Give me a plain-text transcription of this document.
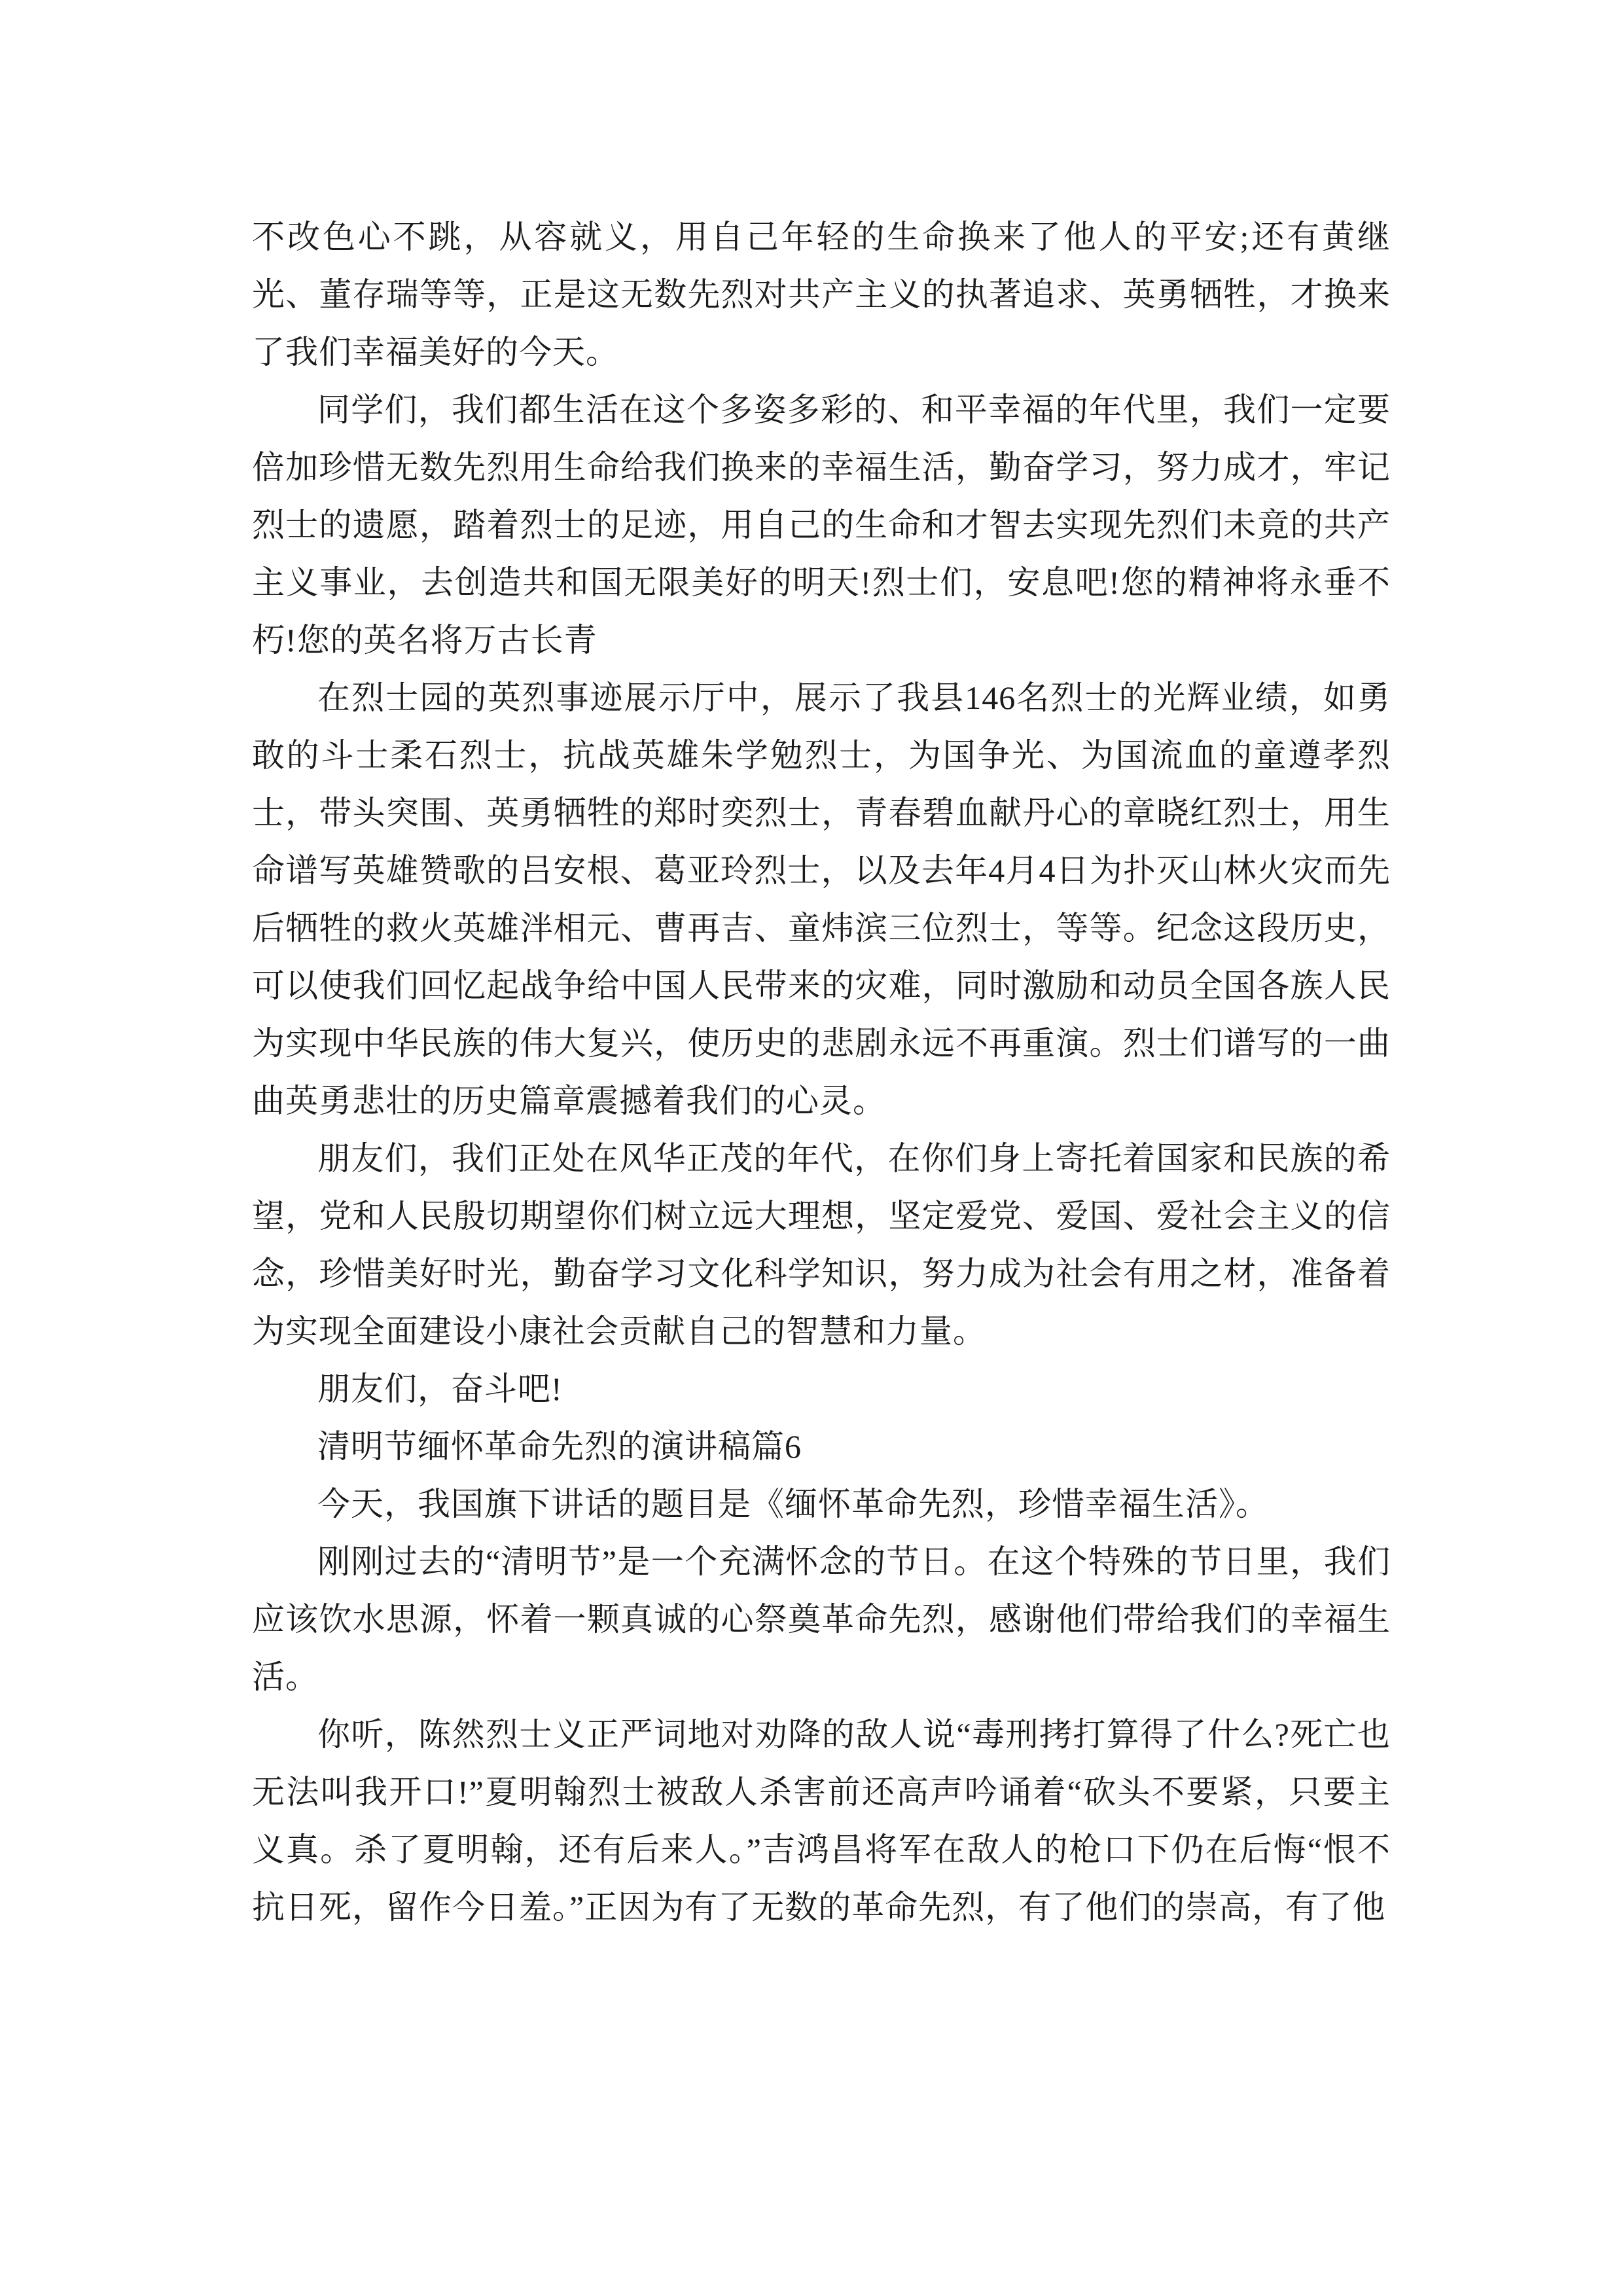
不改色心不跳，从容就义，用自己年轻的生命换来了他人的平安;还有黄继光、董存瑞等等，正是这无数先烈对共产主义的执著追求、英勇牺牲，才换来了我们幸福美好的今天。

同学们，我们都生活在这个多姿多彩的、和平幸福的年代里，我们一定要倍加珍惜无数先烈用生命给我们换来的幸福生活，勤奋学习，努力成才，牢记烈士的遗愿，踏着烈士的足迹，用自己的生命和才智去实现先烈们未竟的共产主义事业，去创造共和国无限美好的明天!烈士们，安息吧!您的精神将永垂不朽!您的英名将万古长青

在烈士园的英烈事迹展示厅中，展示了我县146名烈士的光辉业绩，如勇敢的斗士柔石烈士，抗战英雄朱学勉烈士，为国争光、为国流血的童遵孝烈士，带头突围、英勇牺牲的郑时奕烈士，青春碧血献丹心的章晓红烈士，用生命谱写英雄赞歌的吕安根、葛亚玲烈士，以及去年4月4日为扑灭山林火灾而先后牺牲的救火英雄泮相元、曹再吉、童炜滨三位烈士，等等。纪念这段历史，可以使我们回忆起战争给中国人民带来的灾难，同时激励和动员全国各族人民为实现中华民族的伟大复兴，使历史的悲剧永远不再重演。烈士们谱写的一曲曲英勇悲壮的历史篇章震撼着我们的心灵。

朋友们，我们正处在风华正茂的年代，在你们身上寄托着国家和民族的希望，党和人民殷切期望你们树立远大理想，坚定爱党、爱国、爱社会主义的信念，珍惜美好时光，勤奋学习文化科学知识，努力成为社会有用之材，准备着为实现全面建设小康社会贡献自己的智慧和力量。

朋友们，奋斗吧!

清明节缅怀革命先烈的演讲稿篇6

今天，我国旗下讲话的题目是《缅怀革命先烈，珍惜幸福生活》。

刚刚过去的“清明节”是一个充满怀念的节日。在这个特殊的节日里，我们应该饮水思源，怀着一颗真诚的心祭奠革命先烈，感谢他们带给我们的幸福生活。

你听，陈然烈士义正严词地对劝降的敌人说“毒刑拷打算得了什么?死亡也无法叫我开口!”夏明翰烈士被敌人杀害前还高声吟诵着“砍头不要紧，只要主义真。杀了夏明翰，还有后来人。”吉鸿昌将军在敌人的枪口下仍在后悔“恨不抗日死，留作今日羞。”正因为有了无数的革命先烈，有了他们的崇高，有了他
